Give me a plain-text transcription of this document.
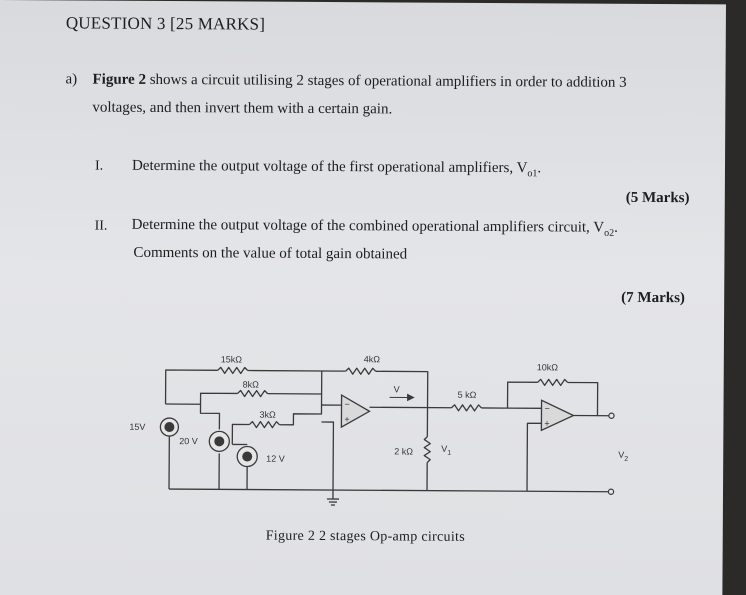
QUESTION 3 [25 MARKS]
a) Figure 2 shows a circuit utilising 2 stages of operational amplifiers in order to addition 3
voltages, and then invert them with a certain gain.
I. Determine the output voltage of the first operational amplifiers, $V_{o1}$.
(5 Marks)
II. Determine the output voltage of the combined operational amplifiers circuit, $V_{o2}$.
Comments on the value of total gain obtained
(7 Marks)
−
+
−
+
15kΩ	4kΩ
10kΩ
8kΩ
5 kΩ
3kΩ
2 kΩ
15V
20 V
12 V
V
$V_1$	$V_2$
Figure 2 2 stages Op-amp circuits
